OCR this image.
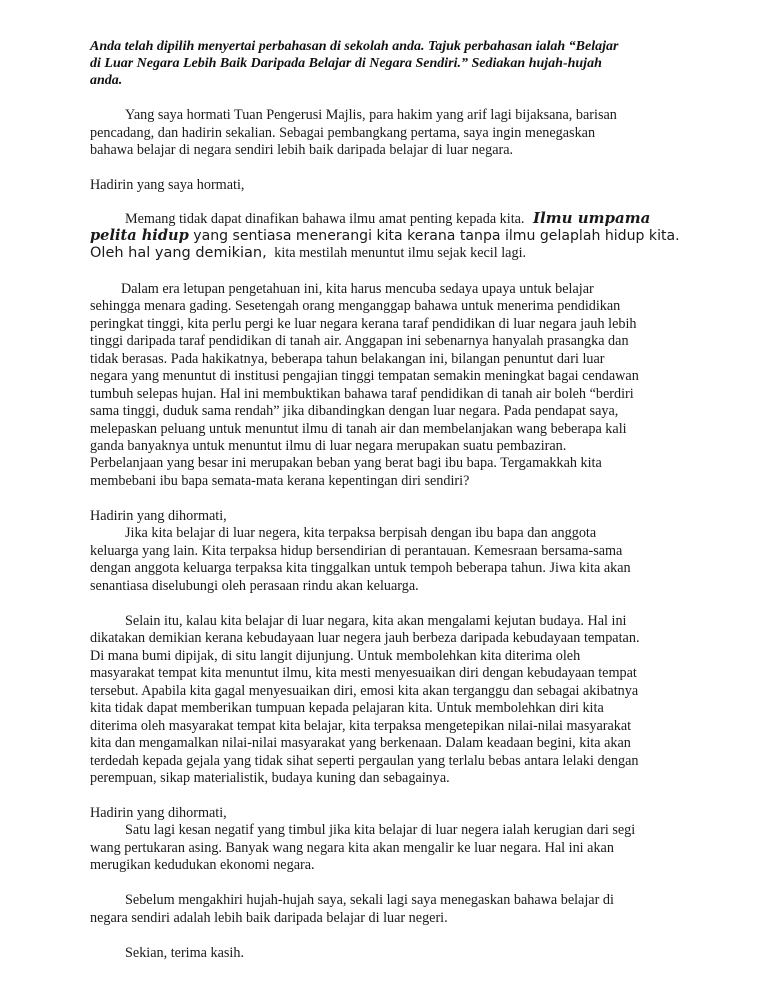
Anda telah dipilih menyertai perbahasan di sekolah anda. Tajuk perbahasan ialah “Belajar
di Luar Negara Lebih Baik Daripada Belajar di Negara Sendiri.” Sediakan hujah-hujah
anda.
Yang saya hormati Tuan Pengerusi Majlis, para hakim yang arif lagi bijaksana, barisan
pencadang, dan hadirin sekalian. Sebagai pembangkang pertama, saya ingin menegaskan
bahawa belajar di negara sendiri lebih baik daripada belajar di luar negara.
Hadirin yang saya hormati,
Memang tidak dapat dinafikan bahawa ilmu amat penting kepada kita. Ilmu umpama
pelita hidup yang sentiasa menerangi kita kerana tanpa ilmu gelaplah hidup kita.
Oleh hal yang demikian, kita mestilah menuntut ilmu sejak kecil lagi.
Dalam era letupan pengetahuan ini, kita harus mencuba sedaya upaya untuk belajar
sehingga menara gading. Sesetengah orang menganggap bahawa untuk menerima pendidikan
peringkat tinggi, kita perlu pergi ke luar negara kerana taraf pendidikan di luar negara jauh lebih
tinggi daripada taraf pendidikan di tanah air. Anggapan ini sebenarnya hanyalah prasangka dan
tidak berasas. Pada hakikatnya, beberapa tahun belakangan ini, bilangan penuntut dari luar
negara yang menuntut di institusi pengajian tinggi tempatan semakin meningkat bagai cendawan
tumbuh selepas hujan. Hal ini membuktikan bahawa taraf pendidikan di tanah air boleh “berdiri
sama tinggi, duduk sama rendah” jika dibandingkan dengan luar negara. Pada pendapat saya,
melepaskan peluang untuk menuntut ilmu di tanah air dan membelanjakan wang beberapa kali
ganda banyaknya untuk menuntut ilmu di luar negara merupakan suatu pembaziran.
Perbelanjaan yang besar ini merupakan beban yang berat bagi ibu bapa. Tergamakkah kita
membebani ibu bapa semata-mata kerana kepentingan diri sendiri?
Hadirin yang dihormati,
Jika kita belajar di luar negera, kita terpaksa berpisah dengan ibu bapa dan anggota
keluarga yang lain. Kita terpaksa hidup bersendirian di perantauan. Kemesraan bersama-sama
dengan anggota keluarga terpaksa kita tinggalkan untuk tempoh beberapa tahun. Jiwa kita akan
senantiasa diselubungi oleh perasaan rindu akan keluarga.
Selain itu, kalau kita belajar di luar negara, kita akan mengalami kejutan budaya. Hal ini
dikatakan demikian kerana kebudayaan luar negera jauh berbeza daripada kebudayaan tempatan.
Di mana bumi dipijak, di situ langit dijunjung. Untuk membolehkan kita diterima oleh
masyarakat tempat kita menuntut ilmu, kita mesti menyesuaikan diri dengan kebudayaan tempat
tersebut. Apabila kita gagal menyesuaikan diri, emosi kita akan terganggu dan sebagai akibatnya
kita tidak dapat memberikan tumpuan kepada pelajaran kita. Untuk membolehkan diri kita
diterima oleh masyarakat tempat kita belajar, kita terpaksa mengetepikan nilai-nilai masyarakat
kita dan mengamalkan nilai-nilai masyarakat yang berkenaan. Dalam keadaan begini, kita akan
terdedah kepada gejala yang tidak sihat seperti pergaulan yang terlalu bebas antara lelaki dengan
perempuan, sikap materialistik, budaya kuning dan sebagainya.
Hadirin yang dihormati,
Satu lagi kesan negatif yang timbul jika kita belajar di luar negera ialah kerugian dari segi
wang pertukaran asing. Banyak wang negara kita akan mengalir ke luar negara. Hal ini akan
merugikan kedudukan ekonomi negara.
Sebelum mengakhiri hujah-hujah saya, sekali lagi saya menegaskan bahawa belajar di
negara sendiri adalah lebih baik daripada belajar di luar negeri.
Sekian, terima kasih.
